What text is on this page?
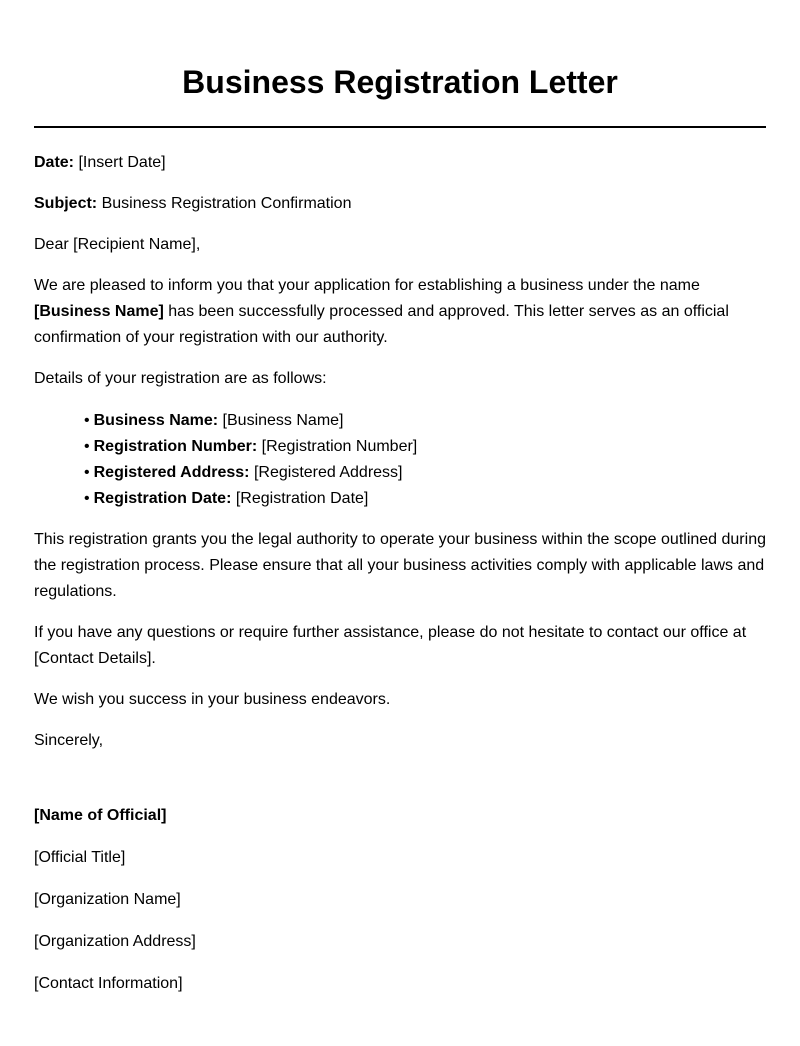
Business Registration Letter

Date: [Insert Date]

Subject: Business Registration Confirmation

Dear [Recipient Name],

We are pleased to inform you that your application for establishing a business under the name [Business Name] has been successfully processed and approved. This letter serves as an official confirmation of your registration with our authority.

Details of your registration are as follows:

• Business Name: [Business Name]
• Registration Number: [Registration Number]
• Registered Address: [Registered Address]
• Registration Date: [Registration Date]

This registration grants you the legal authority to operate your business within the scope outlined during the registration process. Please ensure that all your business activities comply with applicable laws and regulations.

If you have any questions or require further assistance, please do not hesitate to contact our office at [Contact Details].

We wish you success in your business endeavors.

Sincerely,

[Name of Official]

[Official Title]

[Organization Name]

[Organization Address]

[Contact Information]
